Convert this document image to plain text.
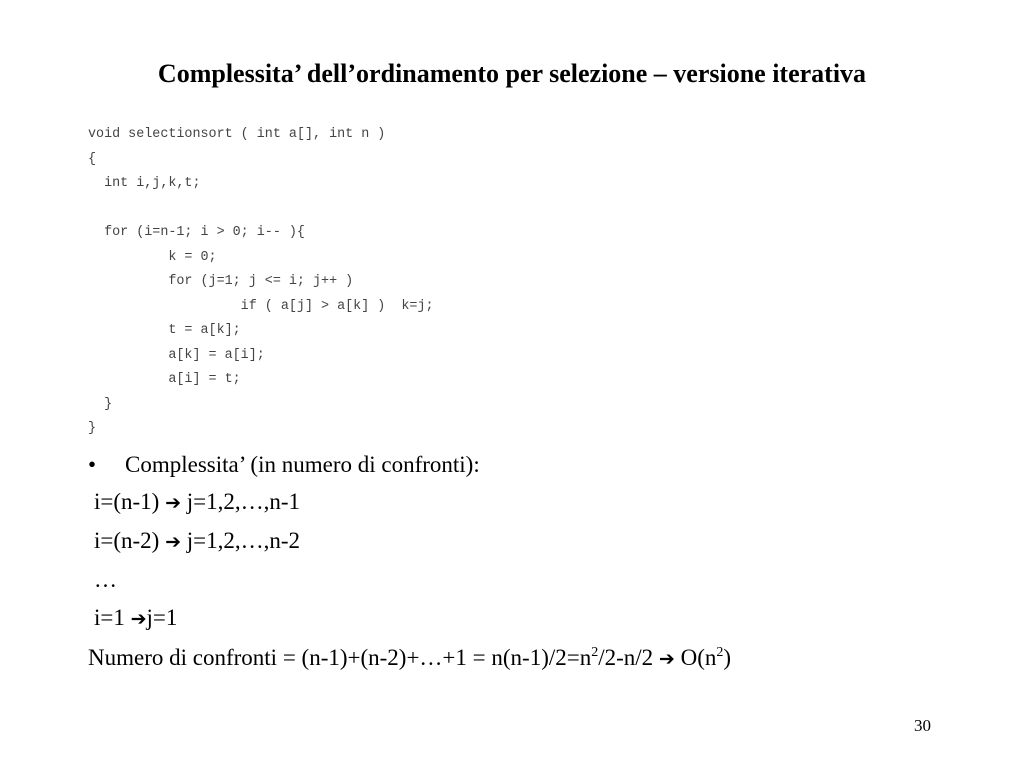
Complessita’ dell’ordinamento per selezione – versione iterativa
void selectionsort ( int a[], int n )
{
int i,j,k,t;
for (i=n-1; i > 0; i-- ){
k = 0;
for (j=1; j <= i; j++ )
if ( a[j] > a[k] )  k=j;
t = a[k];
a[k] = a[i];
a[i] = t;
}
}
• Complessita’ (in numero di confronti):
i=(n-1) ➔ j=1,2,…,n-1
i=(n-2) ➔ j=1,2,…,n-2
…
i=1 ➔j=1
Numero di confronti = (n-1)+(n-2)+…+1 = $n(n-1)/2=n^2/2-n/2$ ➔ $O(n^2)$
30
